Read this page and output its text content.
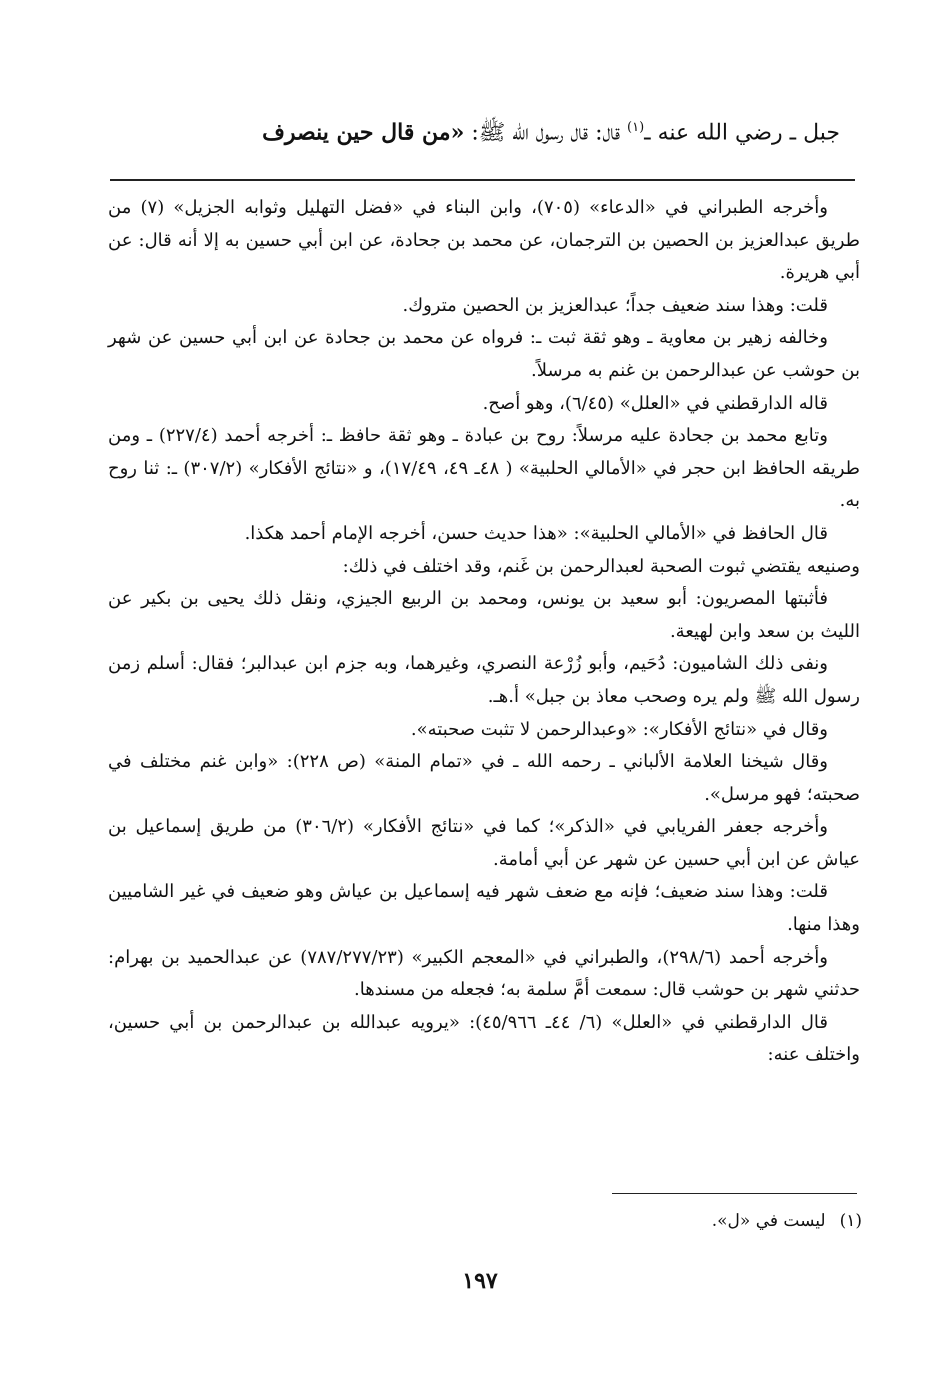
جبل ـ رضي الله عنه ـ$^{(١)}$ قال: قال رسول الله ﷺ: «من قال حين ينصرف

وأخرجه الطبراني في «الدعاء» (٧٠٥)، وابن البناء في «فضل التهليل وثوابه الجزيل» (٧) من طريق عبدالعزيز بن الحصين بن الترجمان، عن محمد بن جحادة، عن ابن أبي حسين به إلا أنه قال: عن أبي هريرة.

قلت: وهذا سند ضعيف جداً؛ عبدالعزيز بن الحصين متروك.

وخالفه زهير بن معاوية ـ وهو ثقة ثبت ـ: فرواه عن محمد بن جحادة عن ابن أبي حسين عن شهر بن حوشب عن عبدالرحمن بن غنم به مرسلاً.

قاله الدارقطني في «العلل» (٦/٤٥)، وهو أصح.

وتابع محمد بن جحادة عليه مرسلاً: روح بن عبادة ـ وهو ثقة حافظ ـ: أخرجه أحمد (٢٢٧/٤) ـ ومن طريقه الحافظ ابن حجر في «الأمالي الحلبية» ( ٤٨ـ ٤٩، ١٧/٤٩)، و «نتائج الأفكار» (٣٠٧/٢) ـ: ثنا روح به.

قال الحافظ في «الأمالي الحلبية»: «هذا حديث حسن، أخرجه الإمام أحمد هكذا.

وصنيعه يقتضي ثبوت الصحبة لعبدالرحمن بن غَنم، وقد اختلف في ذلك:

فأثبتها المصريون: أبو سعيد بن يونس، ومحمد بن الربيع الجيزي، ونقل ذلك يحيى بن بكير عن الليث بن سعد وابن لهيعة.

ونفى ذلك الشاميون: دُحَيم، وأبو زُرْعة النصري، وغيرهما، وبه جزم ابن عبدالبر؛ فقال: أسلم زمن رسول الله ﷺ ولم يره وصحب معاذ بن جبل» أ.هـ.

وقال في «نتائج الأفكار»: «وعبدالرحمن لا تثبت صحبته».

وقال شيخنا العلامة الألباني ـ رحمه الله ـ في «تمام المنة» (ص ٢٢٨): «وابن غنم مختلف في صحبته؛ فهو مرسل».

وأخرجه جعفر الفريابي في «الذكر»؛ كما في «نتائج الأفكار» (٣٠٦/٢) من طريق إسماعيل بن عياش عن ابن أبي حسين عن شهر عن أبي أمامة.

قلت: وهذا سند ضعيف؛ فإنه مع ضعف شهر فيه إسماعيل بن عياش وهو ضعيف في غير الشاميين وهذا منها.

وأخرجه أحمد (٢٩٨/٦)، والطبراني في «المعجم الكبير» (٧٨٧/٢٧٧/٢٣) عن عبدالحميد بن بهرام: حدثني شهر بن حوشب قال: سمعت أمَّ سلمة به؛ فجعله من مسندها.

قال الدارقطني في «العلل» (٦/ ٤٤ـ ٤٥/٩٦٦): «يرويه عبدالله بن عبدالرحمن بن أبي حسين، واختلف عنه:

(١)ليست في «ل».
١٩٧
